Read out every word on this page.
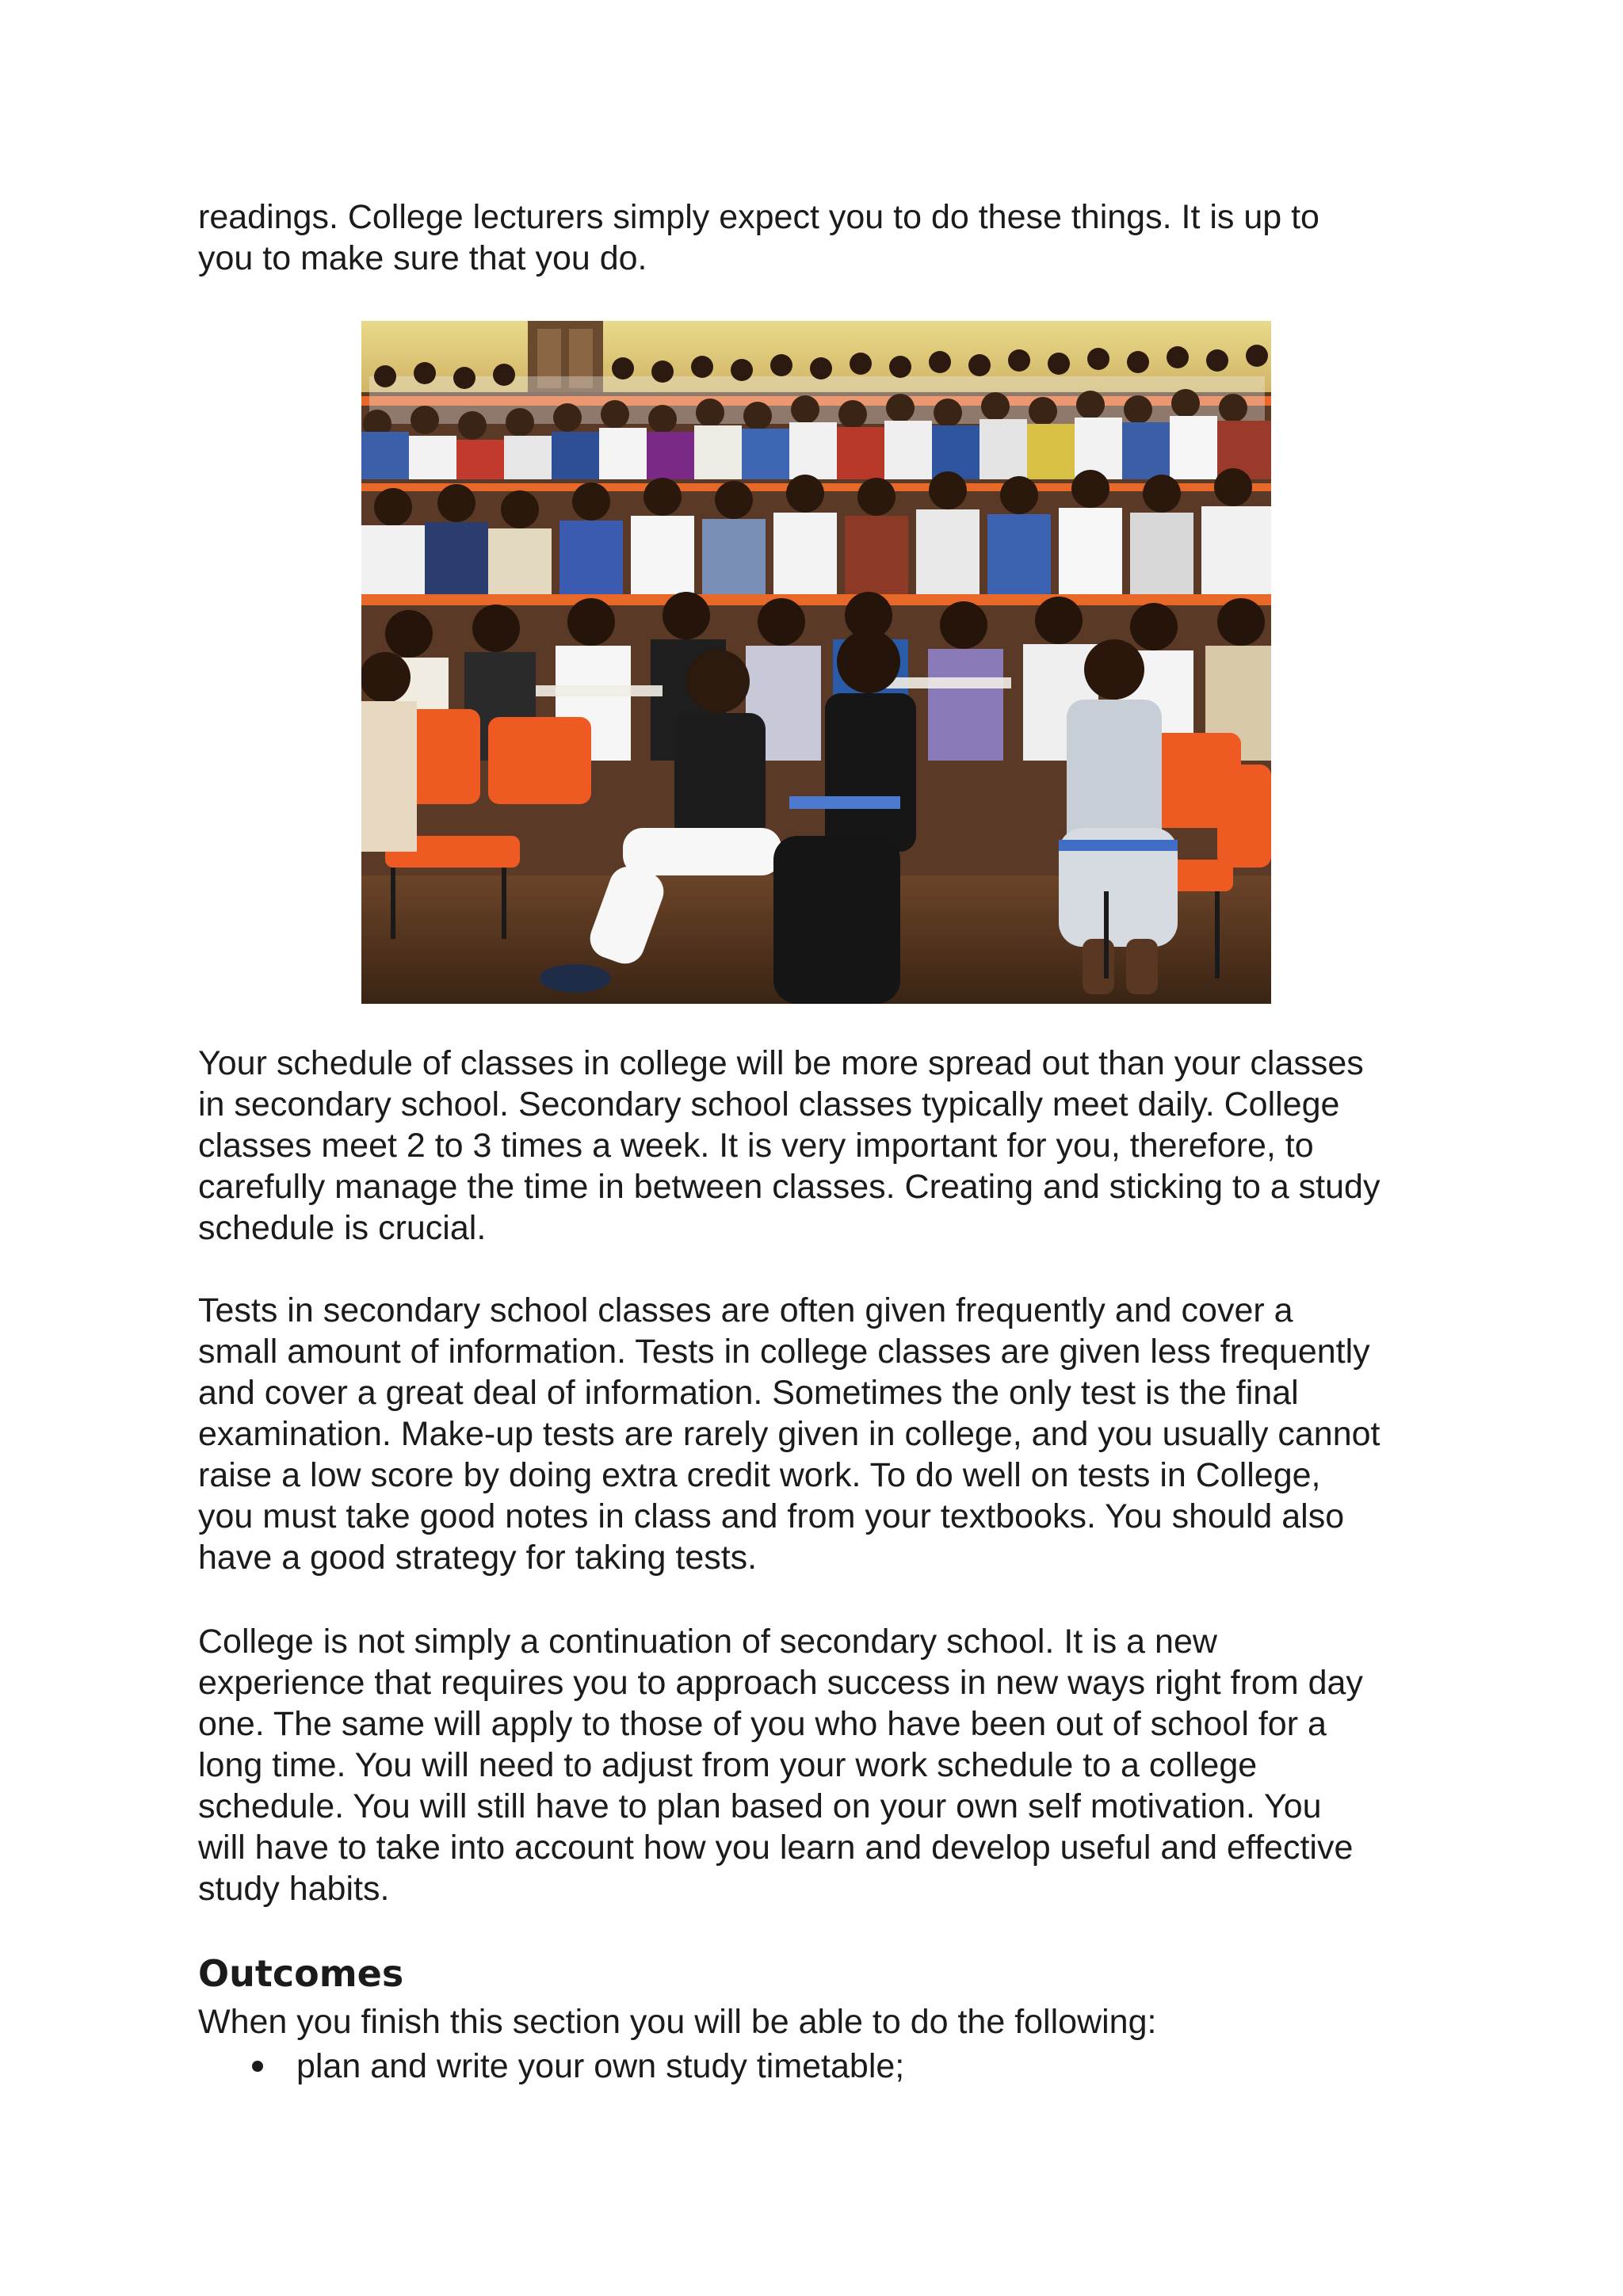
readings. College lecturers simply expect you to do these things. It is up to
you to make sure that you do.

Your schedule of classes in college will be more spread out than your classes
in secondary school. Secondary school classes typically meet daily. College
classes meet 2 to 3 times a week. It is very important for you, therefore, to
carefully manage the time in between classes. Creating and sticking to a study
schedule is crucial.

Tests in secondary school classes are often given frequently and cover a
small amount of information. Tests in college classes are given less frequently
and cover a great deal of information. Sometimes the only test is the final
examination. Make-up tests are rarely given in college, and you usually cannot
raise a low score by doing extra credit work. To do well on tests in College,
you must take good notes in class and from your textbooks. You should also
have a good strategy for taking tests.

College is not simply a continuation of secondary school. It is a new
experience that requires you to approach success in new ways right from day
one. The same will apply to those of you who have been out of school for a
long time. You will need to adjust from your work schedule to a college
schedule. You will still have to plan based on your own self motivation. You
will have to take into account how you learn and develop useful and effective
study habits.

Outcomes

When you finish this section you will be able to do the following:

plan and write your own study timetable;
